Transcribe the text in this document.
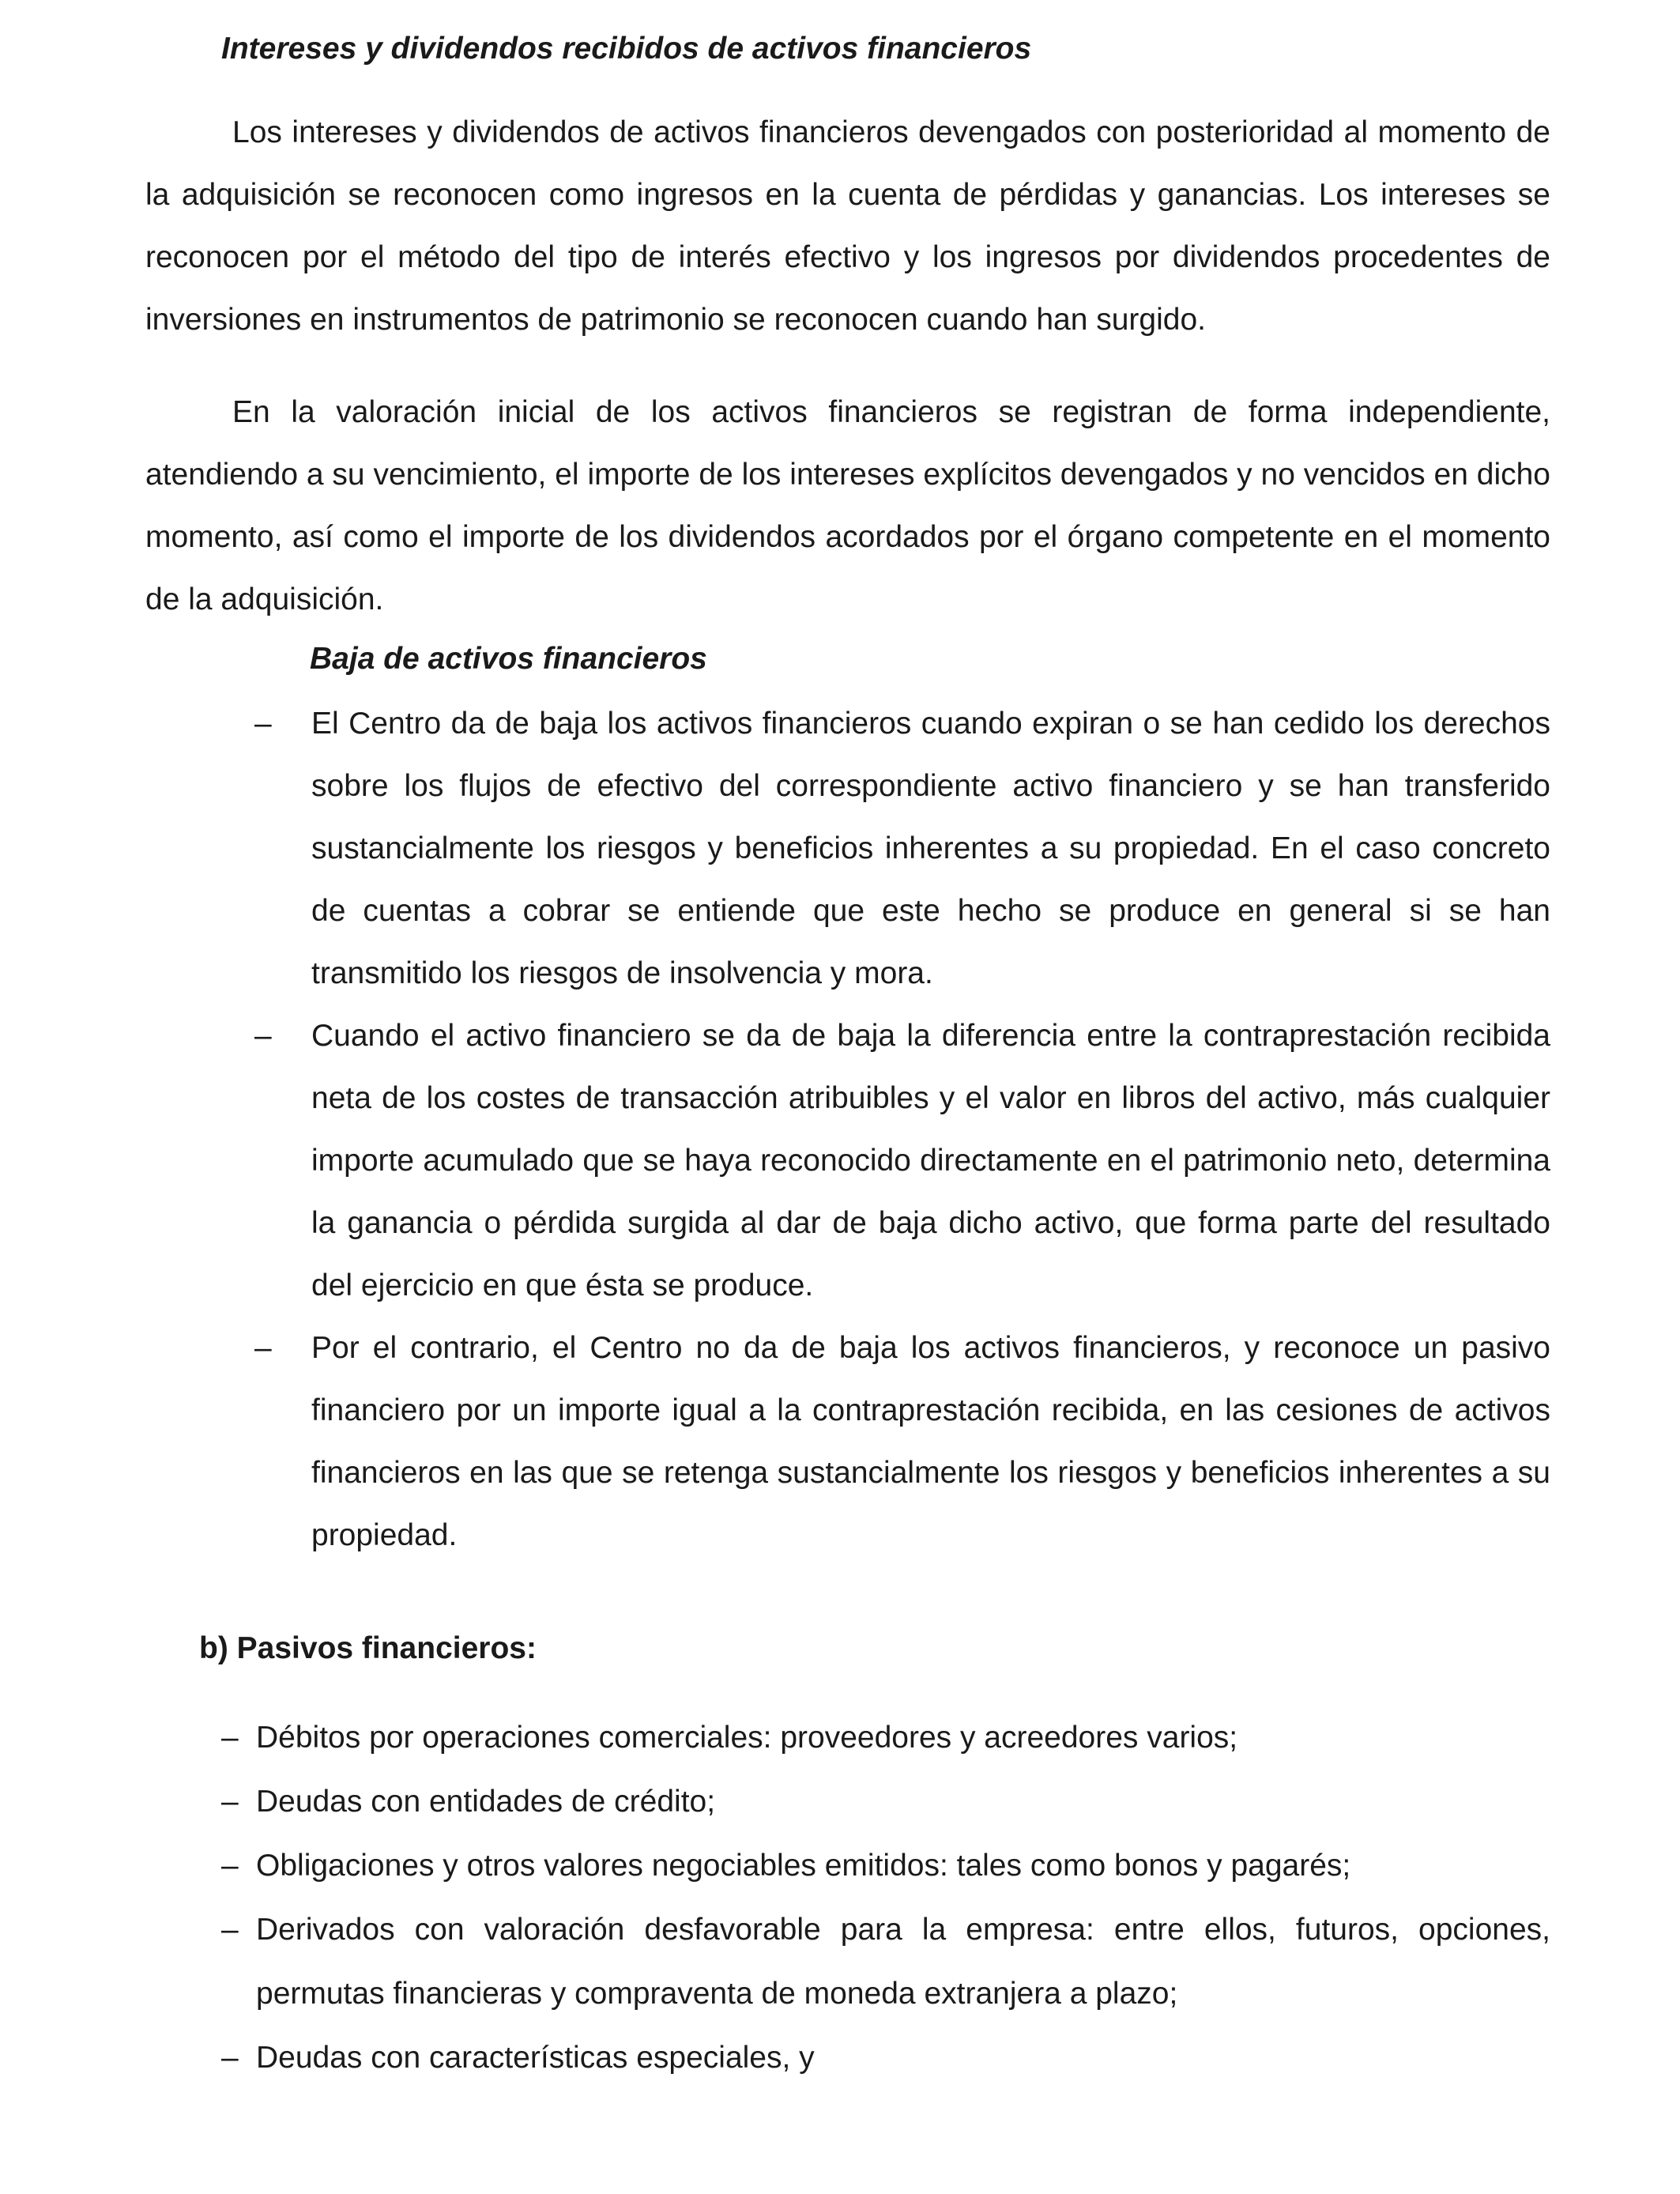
Intereses y dividendos recibidos de activos financieros

Los intereses y dividendos de activos financieros devengados con posterioridad al momento de la adquisición se reconocen como ingresos en la cuenta de pérdidas y ganancias. Los intereses se reconocen por el método del tipo de interés efectivo y los ingresos por dividendos procedentes de inversiones en instrumentos de patrimonio se reconocen cuando han surgido.

En la valoración inicial de los activos financieros se registran de forma independiente, atendiendo a su vencimiento, el importe de los intereses explícitos devengados y no vencidos en dicho momento, así como el importe de los dividendos acordados por el órgano competente en el momento de la adquisición.

Baja de activos financieros

– El Centro da de baja los activos financieros cuando expiran o se han cedido los derechos sobre los flujos de efectivo del correspondiente activo financiero y se han transferido sustancialmente los riesgos y beneficios inherentes a su propiedad. En el caso concreto de cuentas a cobrar se entiende que este hecho se produce en general si se han transmitido los riesgos de insolvencia y mora.
– Cuando el activo financiero se da de baja la diferencia entre la contraprestación recibida neta de los costes de transacción atribuibles y el valor en libros del activo, más cualquier importe acumulado que se haya reconocido directamente en el patrimonio neto, determina la ganancia o pérdida surgida al dar de baja dicho activo, que forma parte del resultado del ejercicio en que ésta se produce.
– Por el contrario, el Centro no da de baja los activos financieros, y reconoce un pasivo financiero por un importe igual a la contraprestación recibida, en las cesiones de activos financieros en las que se retenga sustancialmente los riesgos y beneficios inherentes a su propiedad.

b) Pasivos financieros:

– Débitos por operaciones comerciales: proveedores y acreedores varios;
– Deudas con entidades de crédito;
– Obligaciones y otros valores negociables emitidos: tales como bonos y pagarés;
– Derivados con valoración desfavorable para la empresa: entre ellos, futuros, opciones, permutas financieras y compraventa de moneda extranjera a plazo;
– Deudas con características especiales, y
